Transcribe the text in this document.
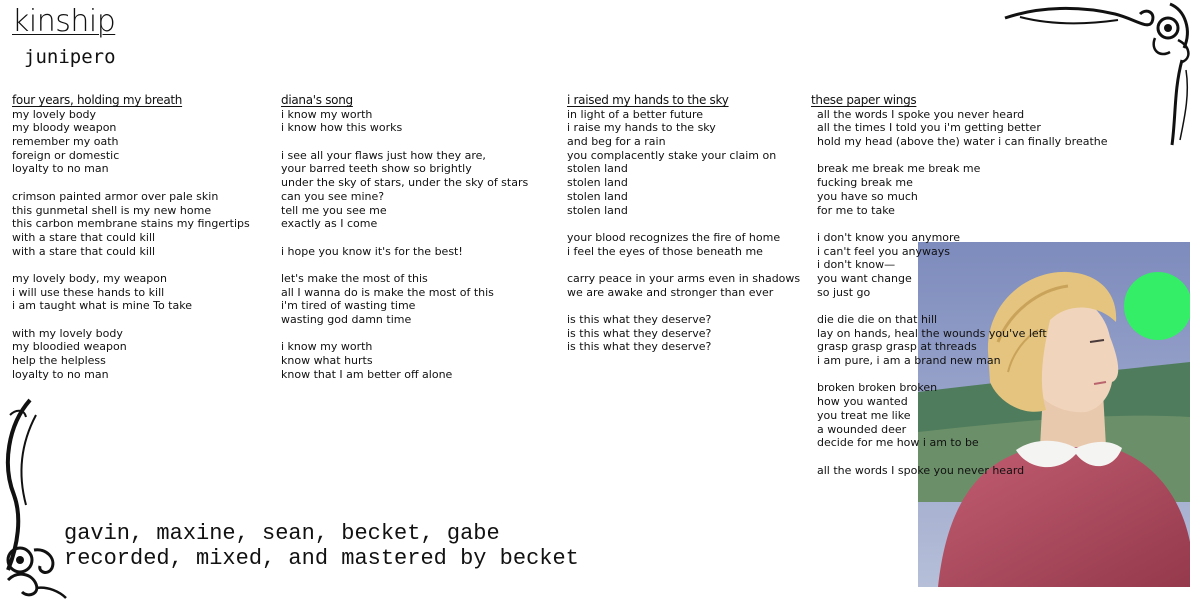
kinship
junipero
four years, holding my breath
my lovely body
my bloody weapon
remember my oath
foreign or domestic
loyalty to no man
crimson painted armor over pale skin
this gunmetal shell is my new home
this carbon membrane stains my fingertips
with a stare that could kill
with a stare that could kill
my lovely body, my weapon
i will use these hands to kill
i am taught what is mine To take
with my lovely body
my bloodied weapon
help the helpless
loyalty to no man
diana's song
i know my worth
i know how this works
i see all your flaws just how they are,
your barred teeth show so brightly
under the sky of stars, under the sky of stars
can you see mine?
tell me you see me
exactly as I come
i hope you know it's for the best!
let's make the most of this
all I wanna do is make the most of this
i'm tired of wasting time
wasting god damn time
i know my worth
know what hurts
know that I am better off alone
i raised my hands to the sky
in light of a better future
i raise my hands to the sky
and beg for a rain
you complacently stake your claim on
stolen land
stolen land
stolen land
stolen land
your blood recognizes the fire of home
i feel the eyes of those beneath me
carry peace in your arms even in shadows
we are awake and stronger than ever
is this what they deserve?
is this what they deserve?
is this what they deserve?
these paper wings
all the words I spoke you never heard
all the times I told you i'm getting better
hold my head (above the) water i can finally breathe
break me break me break me
fucking break me
you have so much
for me to take
i don't know you anymore
i can't feel you anyways
i don't know—
you want change
so just go
die die die on that hill
lay on hands, heal the wounds you've left
grasp grasp grasp at threads
i am pure, i am a brand new man
broken broken broken
how you wanted
you treat me like
a wounded deer
decide for me how i am to be
all the words I spoke you never heard
gavin, maxine, sean, becket, gabe
recorded, mixed, and mastered by becket
